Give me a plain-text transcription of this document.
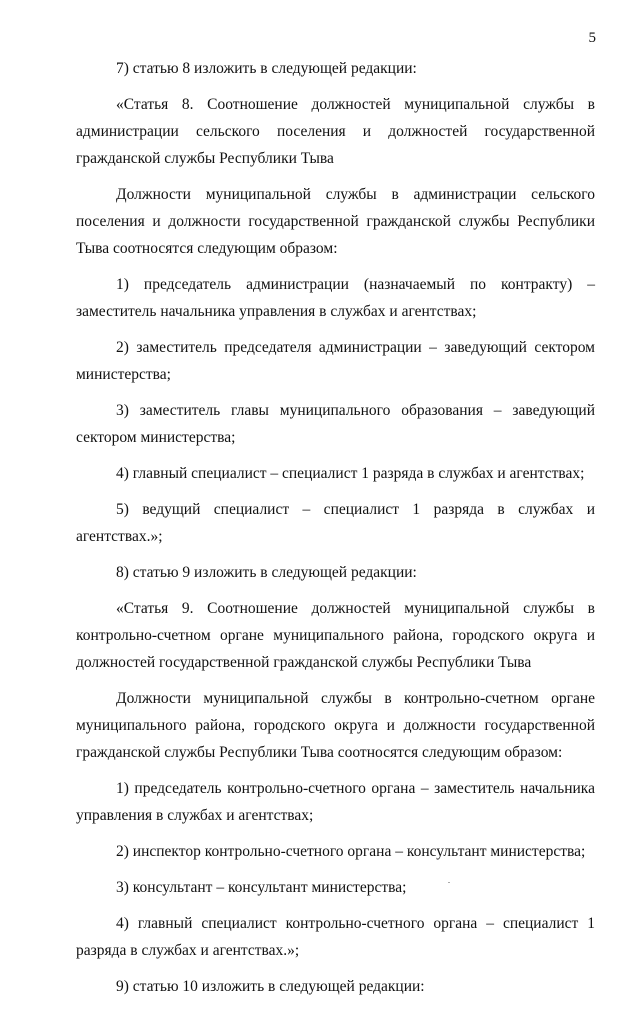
5

7) статью 8 изложить в следующей редакции:

«Статья 8. Соотношение должностей муниципальной службы в администрации сельского поселения и должностей государственной гражданской службы Республики Тыва

Должности муниципальной службы в администрации сельского поселения и должности государственной гражданской службы Республики Тыва соотносятся следующим образом:

1) председатель администрации (назначаемый по контракту) – заместитель начальника управления в службах и агентствах;

2) заместитель председателя администрации – заведующий сектором министерства;

3) заместитель главы муниципального образования – заведующий сектором министерства;

4) главный специалист – специалист 1 разряда в службах и агентствах;

5) ведущий специалист – специалист 1 разряда в службах и агентствах.»;

8) статью 9 изложить в следующей редакции:

«Статья 9. Соотношение должностей муниципальной службы в контрольно-счетном органе муниципального района, городского округа и должностей государственной гражданской службы Республики Тыва

Должности муниципальной службы в контрольно-счетном органе муниципального района, городского округа и должности государственной гражданской службы Республики Тыва соотносятся следующим образом:

1) председатель контрольно-счетного органа – заместитель начальника управления в службах и агентствах;

2) инспектор контрольно-счетного органа – консультант министерства;

3) консультант – консультант министерства;

4) главный специалист контрольно-счетного органа – специалист 1 разряда в службах и агентствах.»;

9) статью 10 изложить в следующей редакции:
